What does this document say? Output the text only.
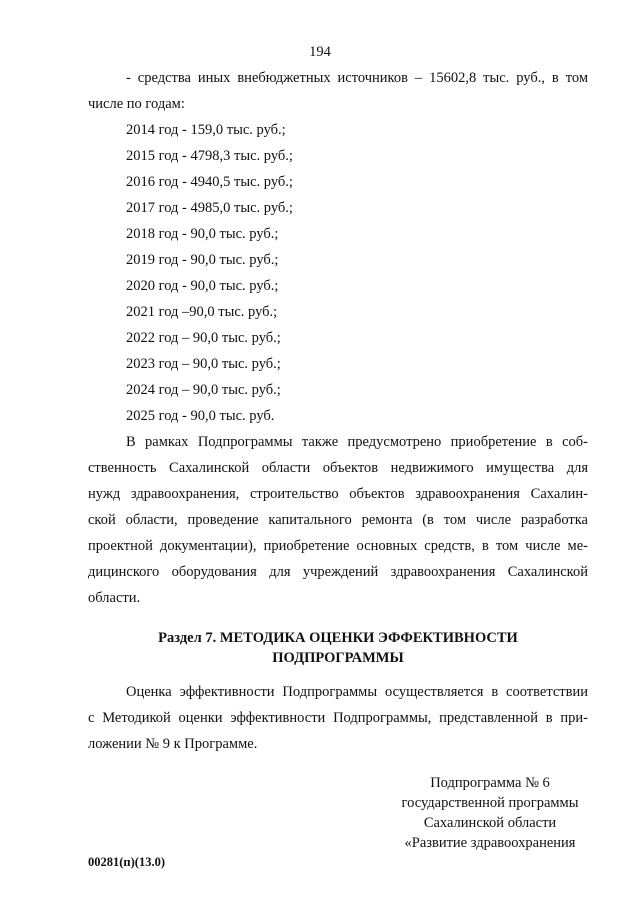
194
- средства иных внебюджетных источников – 15602,8 тыс. руб., в том
числе по годам:
2014 год - 159,0 тыс. руб.;
2015 год - 4798,3 тыс. руб.;
2016 год - 4940,5 тыс. руб.;
2017 год - 4985,0 тыс. руб.;
2018 год - 90,0 тыс. руб.;
2019 год - 90,0 тыс. руб.;
2020 год - 90,0 тыс. руб.;
2021 год –90,0 тыс. руб.;
2022 год – 90,0 тыс. руб.;
2023 год – 90,0 тыс. руб.;
2024 год – 90,0 тыс. руб.;
2025 год - 90,0 тыс. руб.
В рамках Подпрограммы также предусмотрено приобретение в соб-
ственность Сахалинской области объектов недвижимого имущества для
нужд здравоохранения, строительство объектов здравоохранения Сахалин-
ской области, проведение капитального ремонта (в том числе разработка
проектной документации), приобретение основных средств, в том числе ме-
дицинского оборудования для учреждений здравоохранения Сахалинской
области.
Раздел 7. МЕТОДИКА ОЦЕНКИ ЭФФЕКТИВНОСТИ
ПОДПРОГРАММЫ
Оценка эффективности Подпрограммы осуществляется в соответствии
с Методикой оценки эффективности Подпрограммы, представленной в при-
ложении № 9 к Программе.
Подпрограмма № 6
государственной программы
Сахалинской области
«Развитие здравоохранения
00281(п)(13.0)
